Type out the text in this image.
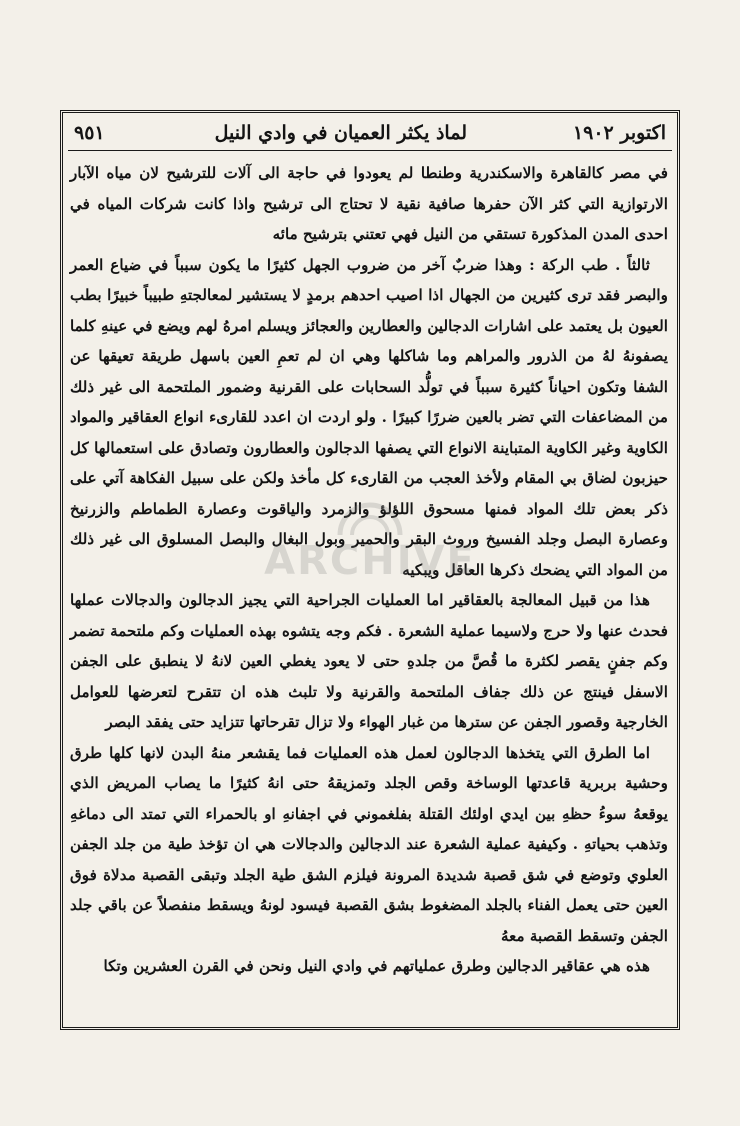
اكتوبر ١٩٠٢
لماذ يكثر العميان في وادي النيل
٩٥١

في مصر كالقاهرة والاسكندرية وطنطا لم يعودوا في حاجة الى آلات للترشيح لان مياه الآبار الارتوازية التي كثر الآن حفرها صافية نقية لا تحتاج الى ترشيح واذا كانت شركات المياه في احدى المدن المذكورة تستقي من النيل فهي تعتني بترشيح مائه

ثالثاً . طب الركة : وهذا ضربٌ آخر من ضروب الجهل كثيرًا ما يكون سبباً في ضياع العمر والبصر فقد ترى كثيرين من الجهال اذا اصيب احدهم برمدٍ لا يستشير لمعالجتهِ طبيباً خبيرًا بطب العيون بل يعتمد على اشارات الدجالين والعطارين والعجائز ويسلم امرهُ لهم ويضع في عينهِ كلما يصفونهُ لهُ من الذرور والمراهم وما شاكلها وهي ان لم تعمِ العين باسهل طريقة تعيقها عن الشفا وتكون احياناً كثيرة سبباً في تولُّد السحابات على القرنية وضمور الملتحمة الى غير ذلك من المضاعفات التي تضر بالعين ضررًا كبيرًا . ولو اردت ان اعدد للقارىء انواع العقاقير والمواد الكاوية وغير الكاوية المتباينة الانواع التي يصفها الدجالون والعطارون وتصادق على استعمالها كل حيزبون لضاق بي المقام ولأخذ العجب من القارىء كل مأخذ ولكن على سبيل الفكاهة آتي على ذكر بعض تلك المواد فمنها مسحوق اللؤلؤ والزمرد والياقوت وعصارة الطماطم والزرنيخ وعصارة البصل وجلد الفسيخ وروث البقر والحمير وبول البغال والبصل المسلوق الى غير ذلك من المواد التي يضحك ذكرها العاقل ويبكيه

هذا من قبيل المعالجة بالعقاقير اما العمليات الجراحية التي يجيز الدجالون والدجالات عملها فحدث عنها ولا حرج ولاسيما عملية الشعرة . فكم وجه يتشوه بهذه العمليات وكم ملتحمة تضمر وكم جفنٍ يقصر لكثرة ما قُصَّ من جلدهِ حتى لا يعود يغطي العين لانهُ لا ينطبق على الجفن الاسفل فينتج عن ذلك جفاف الملتحمة والقرنية ولا تلبث هذه ان تتقرح لتعرضها للعوامل الخارجية وقصور الجفن عن سترها من غبار الهواء ولا تزال تقرحاتها تتزايد حتى يفقد البصر

اما الطرق التي يتخذها الدجالون لعمل هذه العمليات فما يقشعر منهُ البدن لانها كلها طرق وحشية بربرية قاعدتها الوساخة وقص الجلد وتمزيقهُ حتى انهُ كثيرًا ما يصاب المريض الذي يوقعهُ سوءُ حظهِ بين ايدي اولئك القتلة بفلغموني في اجفانهِ او بالحمراء التي تمتد الى دماغهِ وتذهب بحياتهِ . وكيفية عملية الشعرة عند الدجالين والدجالات هي ان تؤخذ طية من جلد الجفن العلوي وتوضع في شق قصبة شديدة المرونة فيلزم الشق طية الجلد وتبقى القصبة مدلاة فوق العين حتى يعمل الفناء بالجلد المضغوط بشق القصبة فيسود لونهُ ويسقط منفصلاً عن باقي جلد الجفن وتسقط القصبة معهُ

هذه هي عقاقير الدجالين وطرق عملياتهم في وادي النيل ونحن في القرن العشرين وتكا

ARCHIVE
